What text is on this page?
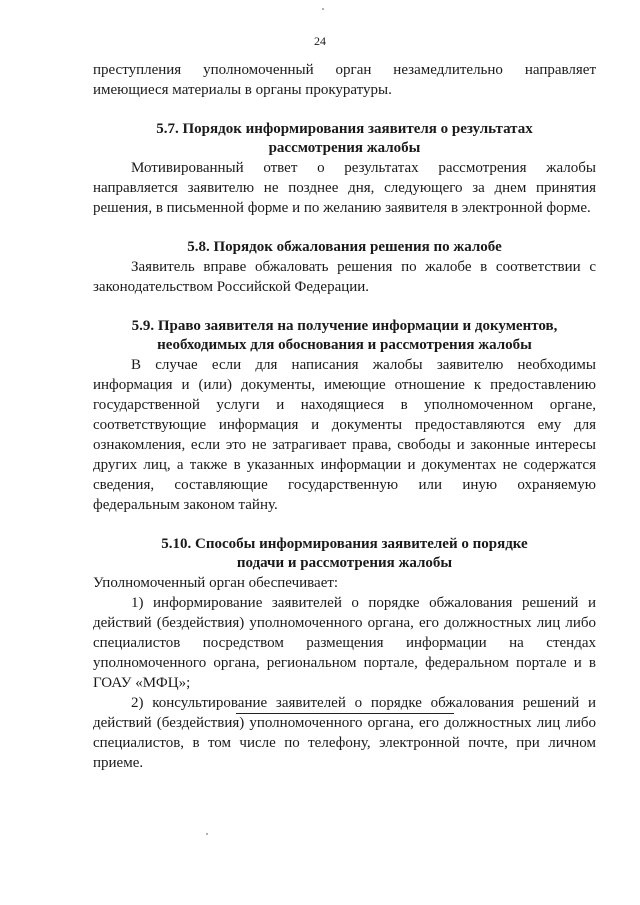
24

преступления уполномоченный орган незамедлительно направляет имеющиеся материалы в органы прокуратуры.

5.7. Порядок информирования заявителя о результатах
рассмотрения жалобы

Мотивированный ответ о результатах рассмотрения жалобы направляется заявителю не позднее дня, следующего за днем принятия решения, в письменной форме и по желанию заявителя в электронной форме.

5.8. Порядок обжалования решения по жалобе

Заявитель вправе обжаловать решения по жалобе в соответствии с законодательством Российской Федерации.

5.9. Право заявителя на получение информации и документов,
необходимых для обоснования и рассмотрения жалобы

В случае если для написания жалобы заявителю необходимы информация и (или) документы, имеющие отношение к предоставлению государственной услуги и находящиеся в уполномоченном органе, соответствующие информация и документы предоставляются ему для ознакомления, если это не затрагивает права, свободы и законные интересы других лиц, а также в указанных информации и документах не содержатся сведения, составляющие государственную или иную охраняемую федеральным законом тайну.

5.10. Способы информирования заявителей о порядке
подачи и рассмотрения жалобы

Уполномоченный орган обеспечивает:

1) информирование заявителей о порядке обжалования решений и действий (бездействия) уполномоченного органа, его должностных лиц либо специалистов посредством размещения информации на стендах уполномоченного органа, региональном портале, федеральном портале и в ГОАУ «МФЦ»;

2) консультирование заявителей о порядке обжалования решений и действий (бездействия) уполномоченного органа, его должностных лиц либо специалистов, в том числе по телефону, электронной почте, при личном приеме.
